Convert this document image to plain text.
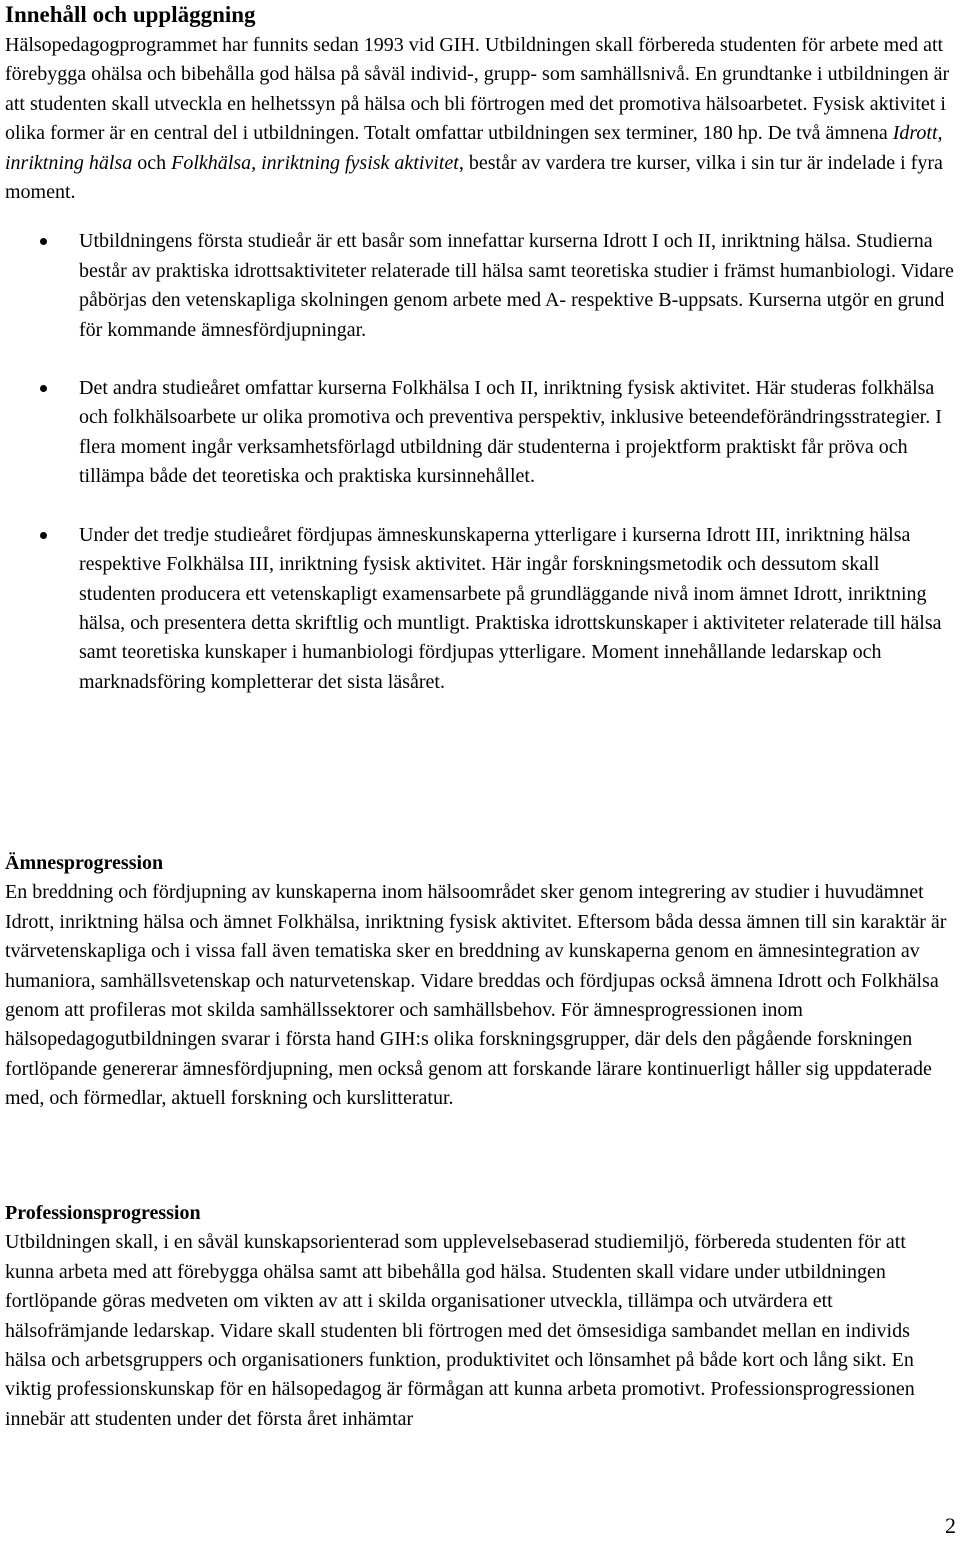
Innehåll och uppläggning

Hälsopedagogprogrammet har funnits sedan 1993 vid GIH. Utbildningen skall förbereda studenten för arbete med att förebygga ohälsa och bibehålla god hälsa på såväl individ-, grupp- som samhällsnivå. En grundtanke i utbildningen är att studenten skall utveckla en helhetssyn på hälsa och bli förtrogen med det promotiva hälsoarbetet. Fysisk aktivitet i olika former är en central del i utbildningen. Totalt omfattar utbildningen sex terminer, 180 hp. De två ämnena Idrott, inriktning hälsa och Folkhälsa, inriktning fysisk aktivitet, består av vardera tre kurser, vilka i sin tur är indelade i fyra moment.

Utbildningens första studieår är ett basår som innefattar kurserna Idrott I och II, inriktning hälsa. Studierna består av praktiska idrottsaktiviteter relaterade till hälsa samt teoretiska studier i främst humanbiologi. Vidare påbörjas den vetenskapliga skolningen genom arbete med A- respektive B-uppsats. Kurserna utgör en grund för kommande ämnesfördjupningar.
Det andra studieåret omfattar kurserna Folkhälsa I och II, inriktning fysisk aktivitet. Här studeras folkhälsa och folkhälsoarbete ur olika promotiva och preventiva perspektiv, inklusive beteendeförändringsstrategier. I flera moment ingår verksamhetsförlagd utbildning där studenterna i projektform praktiskt får pröva och tillämpa både det teoretiska och praktiska kursinnehållet.
Under det tredje studieåret fördjupas ämneskunskaperna ytterligare i kurserna Idrott III, inriktning hälsa respektive Folkhälsa III, inriktning fysisk aktivitet. Här ingår forskningsmetodik och dessutom skall studenten producera ett vetenskapligt examensarbete på grundläggande nivå inom ämnet Idrott, inriktning hälsa, och presentera detta skriftlig och muntligt. Praktiska idrottskunskaper i aktiviteter relaterade till hälsa samt teoretiska kunskaper i humanbiologi fördjupas ytterligare. Moment innehållande ledarskap och marknadsföring kompletterar det sista läsåret.
Ämnesprogression

En breddning och fördjupning av kunskaperna inom hälsoområdet sker genom integrering av studier i huvudämnet Idrott, inriktning hälsa och ämnet Folkhälsa, inriktning fysisk aktivitet. Eftersom båda dessa ämnen till sin karaktär är tvärvetenskapliga och i vissa fall även tematiska sker en breddning av kunskaperna genom en ämnesintegration av humaniora, samhällsvetenskap och naturvetenskap. Vidare breddas och fördjupas också ämnena Idrott och Folkhälsa genom att profileras mot skilda samhällssektorer och samhällsbehov. För ämnesprogressionen inom hälsopedagogutbildningen svarar i första hand GIH:s olika forskningsgrupper, där dels den pågående forskningen fortlöpande genererar ämnesfördjupning, men också genom att forskande lärare kontinuerligt håller sig uppdaterade med, och förmedlar, aktuell forskning och kurslitteratur.

Professionsprogression

Utbildningen skall, i en såväl kunskapsorienterad som upplevelsebaserad studiemiljö, förbereda studenten för att kunna arbeta med att förebygga ohälsa samt att bibehålla god hälsa. Studenten skall vidare under utbildningen fortlöpande göras medveten om vikten av att i skilda organisationer utveckla, tillämpa och utvärdera ett hälsofrämjande ledarskap. Vidare skall studenten bli förtrogen med det ömsesidiga sambandet mellan en individs hälsa och arbetsgruppers och organisationers funktion, produktivitet och lönsamhet på både kort och lång sikt. En viktig professionskunskap för en hälsopedagog är förmågan att kunna arbeta promotivt. Professionsprogressionen innebär att studenten under det första året inhämtar

2
